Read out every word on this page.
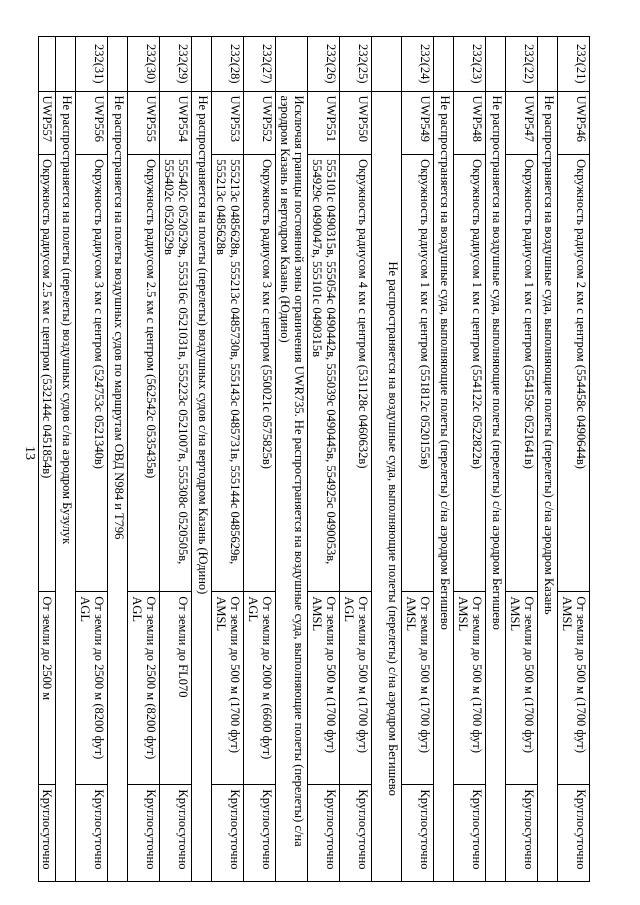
13
232(21)	UWP546	Окружность радиусом 2 км с центром (554458с 0490644в)	От земли до 500 м (1700 фут) AMSL	Круглосуточно
	Не распространяется на воздушные суда, выполняющие полеты (перелеты) с/на аэродром Казань			
232(22)	UWP547	Окружность радиусом 1 км с центром (554159с 0521641в)	От земли до 500 м (1700 фут) AMSL	Круглосуточно
	Не распространяется на воздушные суда, выполняющие полеты (перелеты) с/на аэродром Бегишево			
232(23)	UWP548	Окружность радиусом 1 км с центром (554122с 0522822в)	От земли до 500 м (1700 фут) AMSL	Круглосуточно
	Не распространяется на воздушные суда, выполняющие полеты (перелеты) с/на аэродром Бегишево			
232(24)	UWP549	Окружность радиусом 1 км с центром (551812с 0520155в)	От земли до 500 м (1700 фут) AMSL	Круглосуточно
	Не распространяется на воздушные суда, выполняющие полеты (перелеты) с/на аэродром Бегишево			
232(25)	UWP550	Окружность радиусом 4 км с центром (531128с 0460632в)	От земли до 500 м (1700 фут) AGL	Круглосуточно
232(26)	UWP551	555101с 0490315в, 555054с 0490442в, 555039с 0490445в, 554925с 0490053в, 554929с 0490047в, 555101с 0490315в	От земли до 500 м (1700 фут) AMSL	Круглосуточно
	Исключая границы постоянной зоны ограничения UWR735. Не распространяется на воздушные суда, выполняющие полеты (перелеты) с/на аэродром Казань и вертодром Казань (Юдино)			
232(27)	UWP552	Окружность радиусом 3 км с центром (550021с 0575825в)	От земли до 2000 м (6600 фут) AGL	Круглосуточно
232(28)	UWP553	555213с 0485628в, 555213с 0485730в, 555143с 0485731в, 555144с 0485629в, 555213с 0485628в	От земли до 500 м (1700 фут) AMSL	Круглосуточно
	Не распространяется на полеты (перелеты) воздушных судов с/на вертодром Казань (Юдино)			
232(29)	UWP554	555402с 0520529в, 555316с 0521031в, 555223с 0521007в, 555308с 0520505в, 555402с 0520529в	От земли до FL070	Круглосуточно
232(30)	UWP555	Окружность радиусом 2.5 км с центром (562542с 0535435в)	От земли до 2500 м (8200 фут) AGL	Круглосуточно
	Не распространяется на полеты воздушных судов по маршрутам ОВД N984 и T796			
232(31)	UWP556	Окружность радиусом 3 км с центром (524753с 0521340в)	От земли до 2500 м (8200 фут) AGL	Круглосуточно
	Не распространяется на полеты (перелеты) воздушных судов с/на аэродром Бузулук			
	UWP557	Окружность радиусом 2.5 км с центром (532144с 0451854в)	От земли до 2500 м	Круглосуточно
